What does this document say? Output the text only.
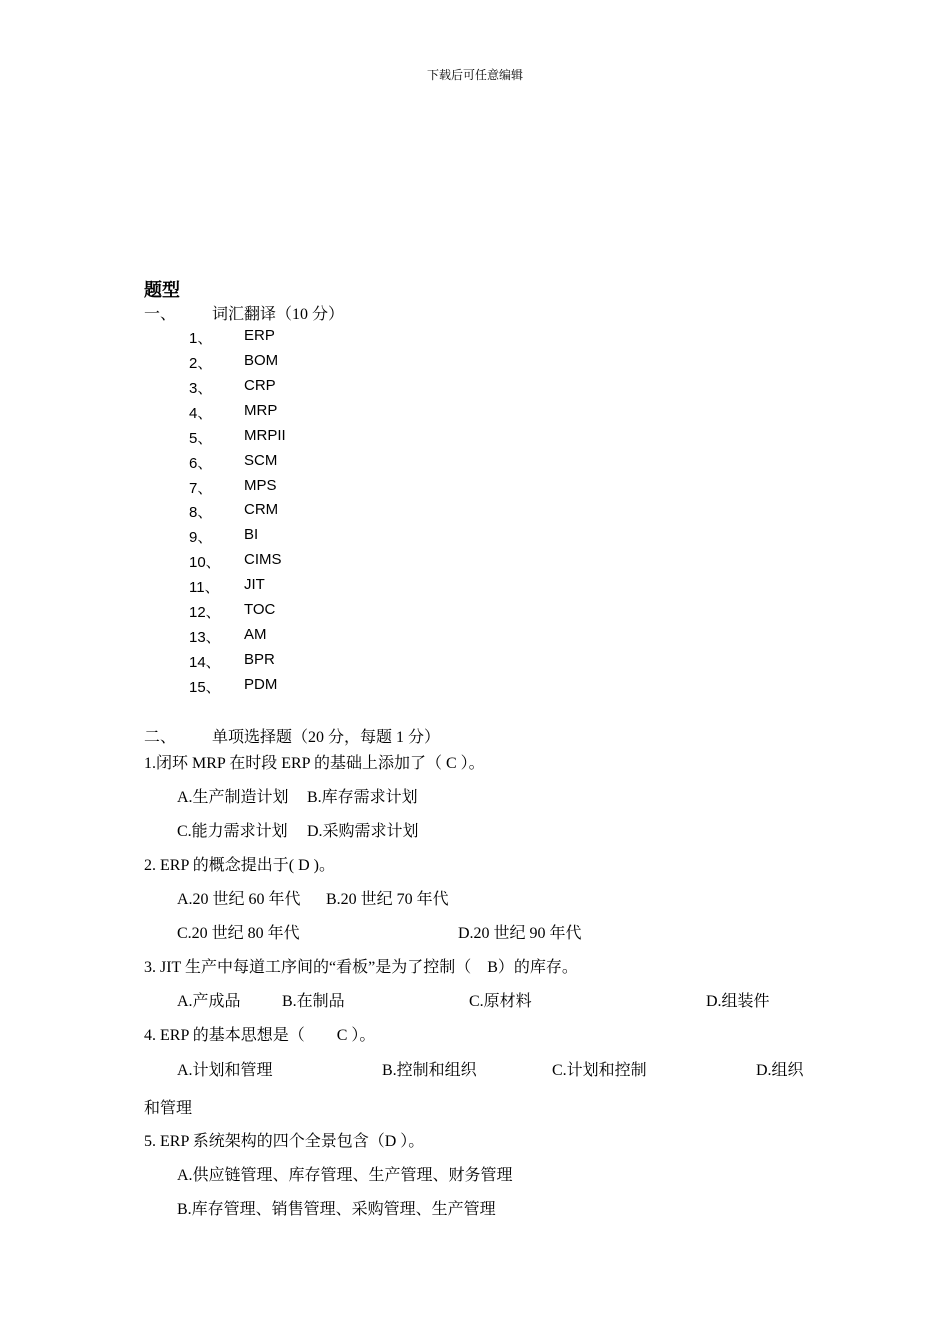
下载后可任意编辑
题型
一、 词汇翻译（10 分）
1、 ERP
2、 BOM
3、 CRP
4、 MRP
5、 MRPII
6、 SCM
7、 MPS
8、 CRM
9、 BI
10、 CIMS
11、 JIT
12、 TOC
13、 AM
14、 BPR
15、 PDM
二、 单项选择题（20 分，每题 1 分）
1.闭环 MRP 在时段 ERP 的基础上添加了（ C ）。
A.生产制造计划 B.库存需求计划
C.能力需求计划 D.采购需求计划
2. ERP 的概念提出于( D )。
A.20 世纪 60 年代 B.20 世纪 70 年代
C.20 世纪 80 年代	D.20 世纪 90 年代
3. JIT 生产中每道工序间的“看板”是为了控制（　B）的库存。
A.产成品	B.在制品	C.原材料	D.组装件
4. ERP 的基本思想是（　　C ）。
A.计划和管理	B.控制和组织	C.计划和控制	D.组织
和管理
5. ERP 系统架构的四个全景包含（D ）。
A.供应链管理、库存管理、生产管理、财务管理
B.库存管理、销售管理、采购管理、生产管理
